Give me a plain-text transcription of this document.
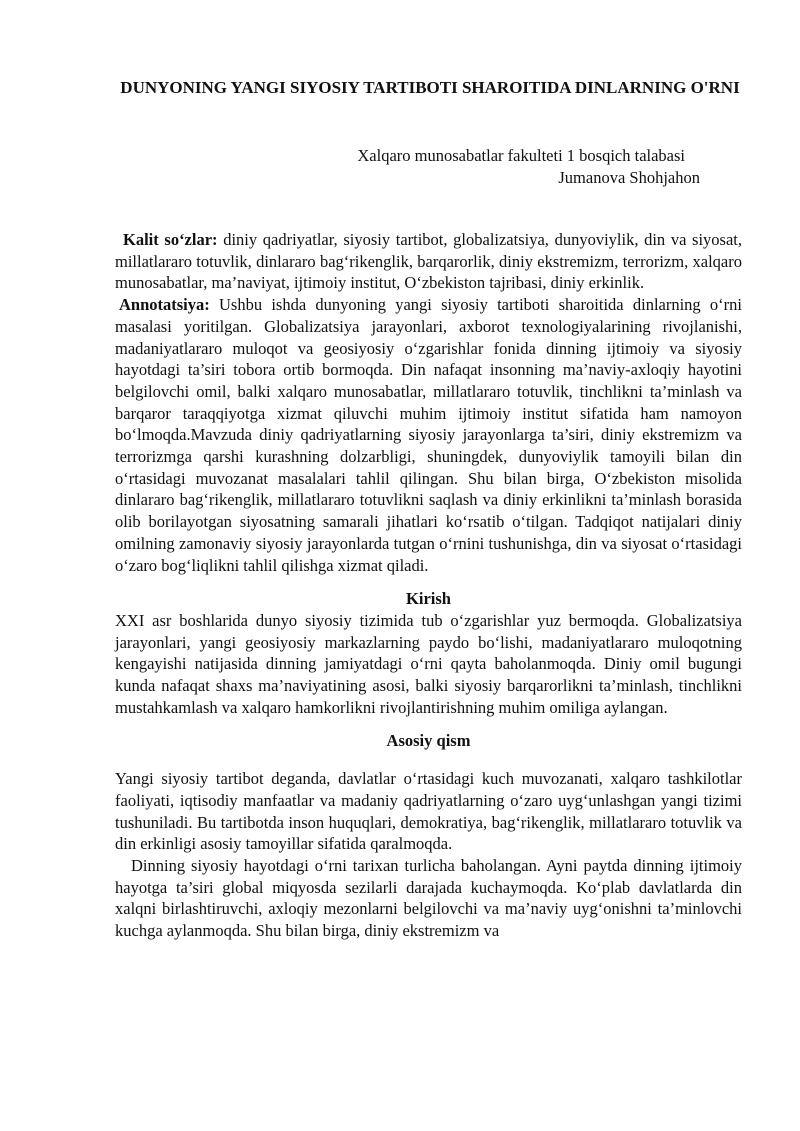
DUNYONING YANGI SIYOSIY TARTIBOTI SHAROITIDA DINLARNING O'RNI
Xalqaro munosabatlar fakulteti 1 bosqich talabasi
Jumanova Shohjahon

Kalit so‘zlar: diniy qadriyatlar, siyosiy tartibot, globalizatsiya, dunyoviylik, din va siyosat, millatlararo totuvlik, dinlararo bag‘rikenglik, barqarorlik, diniy ekstremizm, terrorizm, xalqaro munosabatlar, ma’naviyat, ijtimoiy institut, O‘zbekiston tajribasi, diniy erkinlik.

Annotatsiya: Ushbu ishda dunyoning yangi siyosiy tartiboti sharoitida dinlarning o‘rni masalasi yoritilgan. Globalizatsiya jarayonlari, axborot texnologiyalarining rivojlanishi, madaniyatlararo muloqot va geosiyosiy o‘zgarishlar fonida dinning ijtimoiy va siyosiy hayotdagi ta’siri tobora ortib bormoqda. Din nafaqat insonning ma’naviy-axloqiy hayotini belgilovchi omil, balki xalqaro munosabatlar, millatlararo totuvlik, tinchlikni ta’minlash va barqaror taraqqiyotga xizmat qiluvchi muhim ijtimoiy institut sifatida ham namoyon bo‘lmoqda.Mavzuda diniy qadriyatlarning siyosiy jarayonlarga ta’siri, diniy ekstremizm va terrorizmga qarshi kurashning dolzarbligi, shuningdek, dunyoviylik tamoyili bilan din o‘rtasidagi muvozanat masalalari tahlil qilingan. Shu bilan birga, O‘zbekiston misolida dinlararo bag‘rikenglik, millatlararo totuvlikni saqlash va diniy erkinlikni ta’minlash borasida olib borilayotgan siyosatning samarali jihatlari ko‘rsatib o‘tilgan. Tadqiqot natijalari diniy omilning zamonaviy siyosiy jarayonlarda tutgan o‘rnini tushunishga, din va siyosat o‘rtasidagi o‘zaro bog‘liqlikni tahlil qilishga xizmat qiladi.

Kirish

XXI asr boshlarida dunyo siyosiy tizimida tub o‘zgarishlar yuz bermoqda. Globalizatsiya jarayonlari, yangi geosiyosiy markazlarning paydo bo‘lishi, madaniyatlararo muloqotning kengayishi natijasida dinning jamiyatdagi o‘rni qayta baholanmoqda. Diniy omil bugungi kunda nafaqat shaxs ma’naviyatining asosi, balki siyosiy barqarorlikni ta’minlash, tinchlikni mustahkamlash va xalqaro hamkorlikni rivojlantirishning muhim omiliga aylangan.

Asosiy qism

Yangi siyosiy tartibot deganda, davlatlar o‘rtasidagi kuch muvozanati, xalqaro tashkilotlar faoliyati, iqtisodiy manfaatlar va madaniy qadriyatlarning o‘zaro uyg‘unlashgan yangi tizimi tushuniladi. Bu tartibotda inson huquqlari, demokratiya, bag‘rikenglik, millatlararo totuvlik va din erkinligi asosiy tamoyillar sifatida qaralmoqda.

Dinning siyosiy hayotdagi o‘rni tarixan turlicha baholangan. Ayni paytda dinning ijtimoiy hayotga ta’siri global miqyosda sezilarli darajada kuchaymoqda. Ko‘plab davlatlarda din xalqni birlashtiruvchi, axloqiy mezonlarni belgilovchi va ma’naviy uyg‘onishni ta’minlovchi kuchga aylanmoqda. Shu bilan birga, diniy ekstremizm va
